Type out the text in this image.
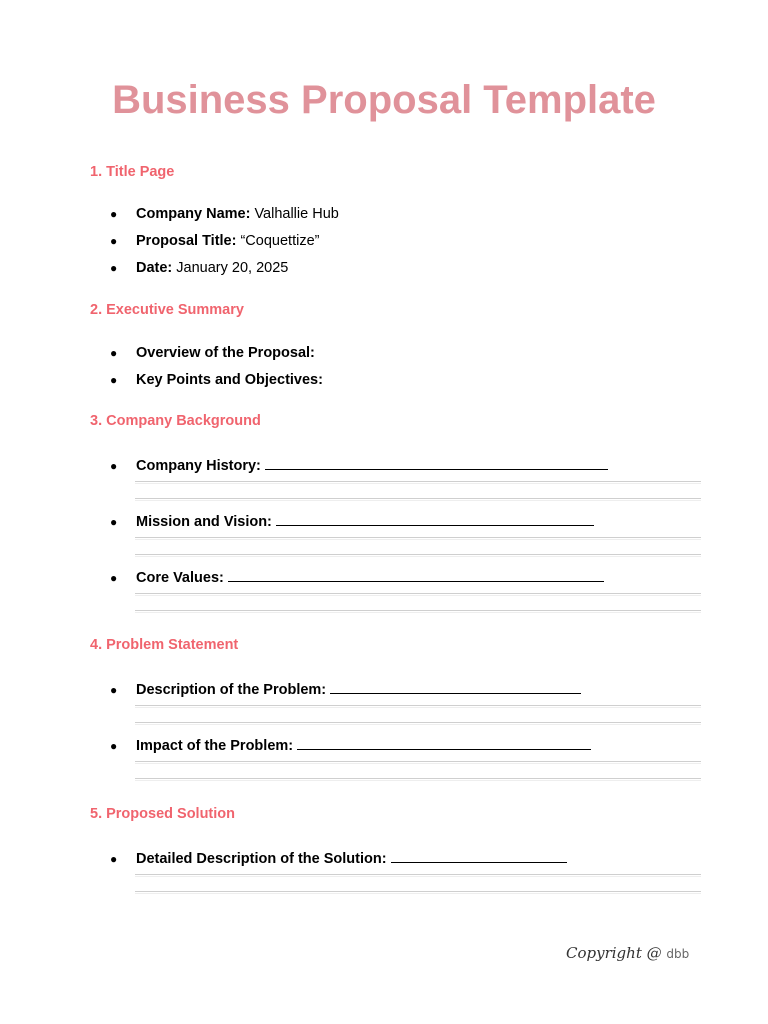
Business Proposal Template
1. Title Page
● Company Name: Valhallie Hub
● Proposal Title: “Coquettize”
● Date: January 20, 2025
2. Executive Summary
● Overview of the Proposal:
● Key Points and Objectives:
3. Company Background
● Company History:
● Mission and Vision:
● Core Values:
4. Problem Statement
● Description of the Problem:
● Impact of the Problem:
5. Proposed Solution
● Detailed Description of the Solution:
Copyright @ dbb
